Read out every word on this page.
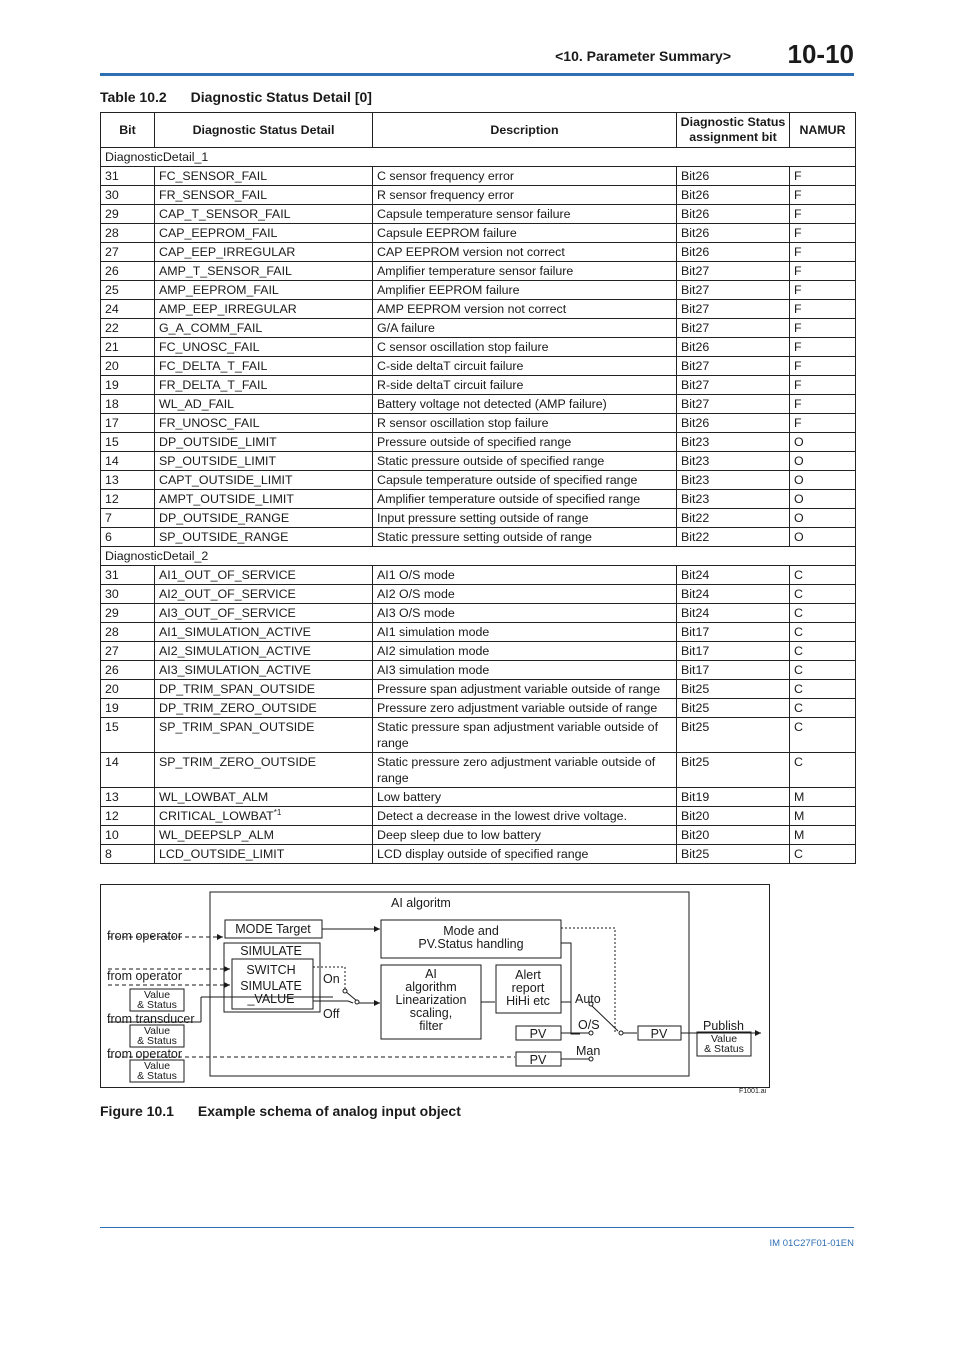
<10. Parameter Summary> 10-10
Table 10.2 Diagnostic Status Detail [0]
Bit	Diagnostic Status Detail	Description	Diagnostic Status assignment bit	NAMUR
DiagnosticDetail_1				
31	FC_SENSOR_FAIL	C sensor frequency error	Bit26	F
30	FR_SENSOR_FAIL	R sensor frequency error	Bit26	F
29	CAP_T_SENSOR_FAIL	Capsule temperature sensor failure	Bit26	F
28	CAP_EEPROM_FAIL	Capsule EEPROM failure	Bit26	F
27	CAP_EEP_IRREGULAR	CAP EEPROM version not correct	Bit26	F
26	AMP_T_SENSOR_FAIL	Amplifier temperature sensor failure	Bit27	F
25	AMP_EEPROM_FAIL	Amplifier EEPROM failure	Bit27	F
24	AMP_EEP_IRREGULAR	AMP EEPROM version not correct	Bit27	F
22	G_A_COMM_FAIL	G/A failure	Bit27	F
21	FC_UNOSC_FAIL	C sensor oscillation stop failure	Bit26	F
20	FC_DELTA_T_FAIL	C-side deltaT circuit failure	Bit27	F
19	FR_DELTA_T_FAIL	R-side deltaT circuit failure	Bit27	F
18	WL_AD_FAIL	Battery voltage not detected (AMP failure)	Bit27	F
17	FR_UNOSC_FAIL	R sensor oscillation stop failure	Bit26	F
15	DP_OUTSIDE_LIMIT	Pressure outside of specified range	Bit23	O
14	SP_OUTSIDE_LIMIT	Static pressure outside of specified range	Bit23	O
13	CAPT_OUTSIDE_LIMIT	Capsule temperature outside of specified range	Bit23	O
12	AMPT_OUTSIDE_LIMIT	Amplifier temperature outside of specified range	Bit23	O
7	DP_OUTSIDE_RANGE	Input pressure setting outside of range	Bit22	O
6	SP_OUTSIDE_RANGE	Static pressure setting outside of range	Bit22	O
DiagnosticDetail_2				
31	AI1_OUT_OF_SERVICE	AI1 O/S mode	Bit24	C
30	AI2_OUT_OF_SERVICE	AI2 O/S mode	Bit24	C
29	AI3_OUT_OF_SERVICE	AI3 O/S mode	Bit24	C
28	AI1_SIMULATION_ACTIVE	AI1 simulation mode	Bit17	C
27	AI2_SIMULATION_ACTIVE	AI2 simulation mode	Bit17	C
26	AI3_SIMULATION_ACTIVE	AI3 simulation mode	Bit17	C
20	DP_TRIM_SPAN_OUTSIDE	Pressure span adjustment variable outside of range	Bit25	C
19	DP_TRIM_ZERO_OUTSIDE	Pressure zero adjustment variable outside of range	Bit25	C
15	SP_TRIM_SPAN_OUTSIDE	Static pressure span adjustment variable outside of range	Bit25	C
14	SP_TRIM_ZERO_OUTSIDE	Static pressure zero adjustment variable outside of range	Bit25	C
13	WL_LOWBAT_ALM	Low battery	Bit19	M
12	CRITICAL_LOWBAT$^{*1}$	Detect a decrease in the lowest drive voltage.	Bit20	M
10	WL_DEEPSLP_ALM	Deep sleep due to low battery	Bit20	M
8	LCD_OUTSIDE_LIMIT	LCD display outside of specified range	Bit25	C
AI algoritm
MODE Target
SIMULATE
SWITCH
SIMULATE
_VALUE
from operator
from operator
from transducer
from operator
On
Off
Mode and
PV.Status handling
AI
algorithm
Linearization
scaling,
filter
Alert
report
HiHi etc Auto
O/S
Man
PV
PV
PV
Publish
Value
& Status
Value
& Status
Value
& Status
Value
& Status
F1001.ai
Figure 10.1 Example schema of analog input object
IM 01C27F01-01EN
